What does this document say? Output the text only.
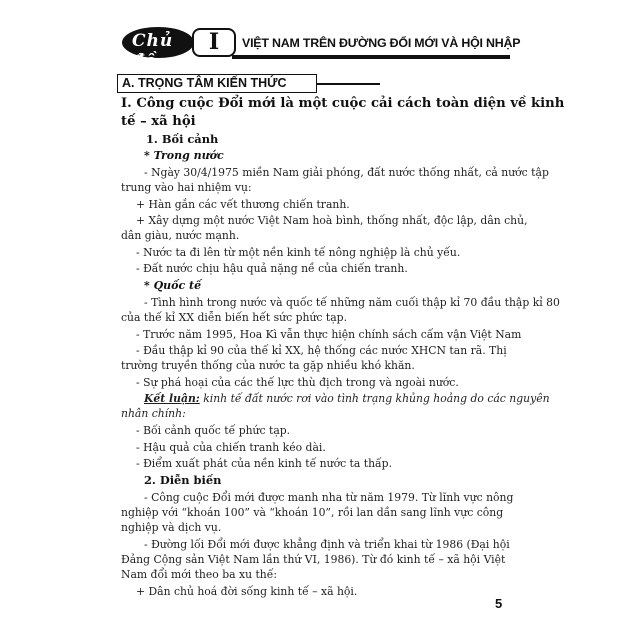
Chủ đề
VIỆT NAM TRÊN ĐƯỜNG ĐỔI MỚI VÀ HỘI NHẬP
I
A. TRỌNG TÂM KIẾN THỨC
I. Công cuộc Đổi mới là một cuộc cải cách toàn diện về kinh
tế – xã hội
1. Bối cảnh
* Trong nước
- Ngày 30/4/1975 miền Nam giải phóng, đất nước thống nhất, cả nước tập
trung vào hai nhiệm vụ:
+ Hàn gắn các vết thương chiến tranh.
+ Xây dựng một nước Việt Nam hoà bình, thống nhất, độc lập, dân chủ,
dân giàu, nước mạnh.
- Nước ta đi lên từ một nền kinh tế nông nghiệp là chủ yếu.
- Đất nước chịu hậu quả nặng nề của chiến tranh.
* Quốc tế
- Tình hình trong nước và quốc tế những năm cuối thập kỉ 70 đầu thập kỉ 80
của thế kỉ XX diễn biến hết sức phức tạp.
- Trước năm 1995, Hoa Kì vẫn thực hiện chính sách cấm vận Việt Nam
- Đầu thập kỉ 90 của thế kỉ XX, hệ thống các nước XHCN tan rã. Thị
trường truyền thống của nước ta gặp nhiều khó khăn.
- Sự phá hoại của các thế lực thù địch trong và ngoài nước.
Kết luận: kinh tế đất nước rơi vào tình trạng khủng hoảng do các nguyên
nhân chính:
- Bối cảnh quốc tế phức tạp.
- Hậu quả của chiến tranh kéo dài.
- Điểm xuất phát của nền kinh tế nước ta thấp.
2. Diễn biến
- Công cuộc Đổi mới được manh nha từ năm 1979. Từ lĩnh vực nông
nghiệp với “khoán 100” và “khoán 10”, rồi lan dần sang lĩnh vực công
nghiệp và dịch vụ.
- Đường lối Đổi mới được khẳng định và triển khai từ 1986 (Đại hội
Đảng Cộng sản Việt Nam lần thứ VI, 1986). Từ đó kinh tế – xã hội Việt
Nam đổi mới theo ba xu thế:
+ Dân chủ hoá đời sống kinh tế – xã hội.
5
